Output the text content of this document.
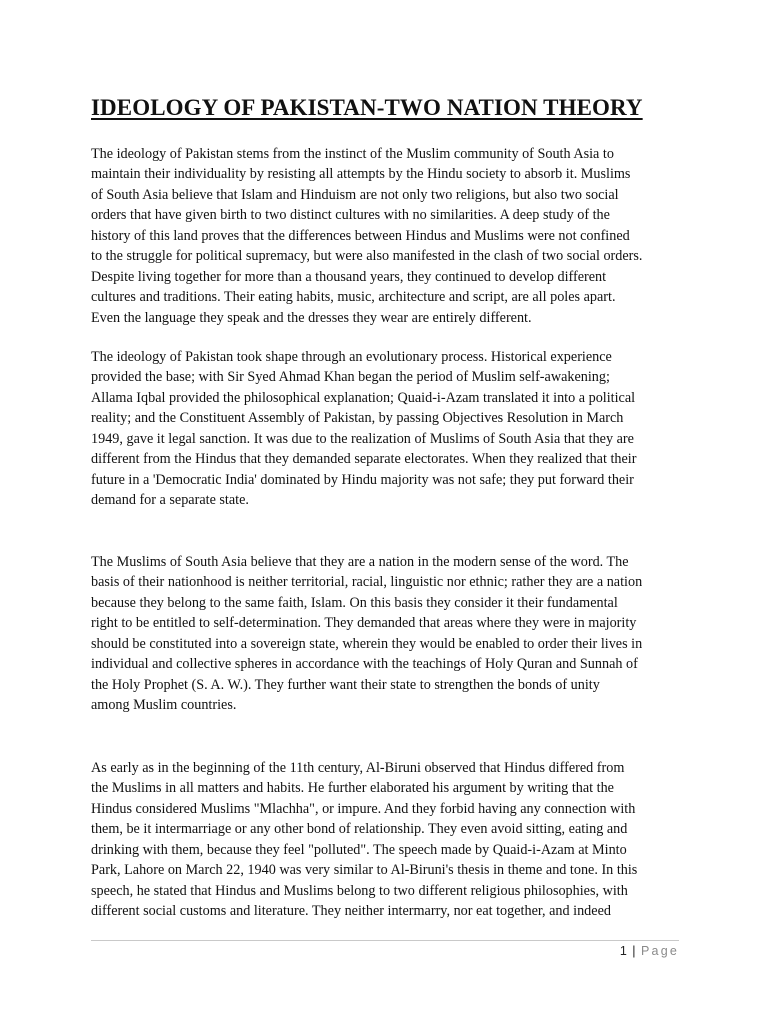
IDEOLOGY OF PAKISTAN-TWO NATION THEORY
The ideology of Pakistan stems from the instinct of the Muslim community of South Asia to
maintain their individuality by resisting all attempts by the Hindu society to absorb it. Muslims
of South Asia believe that Islam and Hinduism are not only two religions, but also two social
orders that have given birth to two distinct cultures with no similarities. A deep study of the
history of this land proves that the differences between Hindus and Muslims were not confined
to the struggle for political supremacy, but were also manifested in the clash of two social orders.
Despite living together for more than a thousand years, they continued to develop different
cultures and traditions. Their eating habits, music, architecture and script, are all poles apart.
Even the language they speak and the dresses they wear are entirely different.
The ideology of Pakistan took shape through an evolutionary process. Historical experience
provided the base; with Sir Syed Ahmad Khan began the period of Muslim self-awakening;
Allama Iqbal provided the philosophical explanation; Quaid-i-Azam translated it into a political
reality; and the Constituent Assembly of Pakistan, by passing Objectives Resolution in March
1949, gave it legal sanction. It was due to the realization of Muslims of South Asia that they are
different from the Hindus that they demanded separate electorates. When they realized that their
future in a 'Democratic India' dominated by Hindu majority was not safe; they put forward their
demand for a separate state.
The Muslims of South Asia believe that they are a nation in the modern sense of the word. The
basis of their nationhood is neither territorial, racial, linguistic nor ethnic; rather they are a nation
because they belong to the same faith, Islam. On this basis they consider it their fundamental
right to be entitled to self-determination. They demanded that areas where they were in majority
should be constituted into a sovereign state, wherein they would be enabled to order their lives in
individual and collective spheres in accordance with the teachings of Holy Quran and Sunnah of
the Holy Prophet (S. A. W.). They further want their state to strengthen the bonds of unity
among Muslim countries.
As early as in the beginning of the 11th century, Al-Biruni observed that Hindus differed from
the Muslims in all matters and habits. He further elaborated his argument by writing that the
Hindus considered Muslims "Mlachha", or impure. And they forbid having any connection with
them, be it intermarriage or any other bond of relationship. They even avoid sitting, eating and
drinking with them, because they feel "polluted". The speech made by Quaid-i-Azam at Minto
Park, Lahore on March 22, 1940 was very similar to Al-Biruni's thesis in theme and tone. In this
speech, he stated that Hindus and Muslims belong to two different religious philosophies, with
different social customs and literature. They neither intermarry, nor eat together, and indeed
1 | Page
